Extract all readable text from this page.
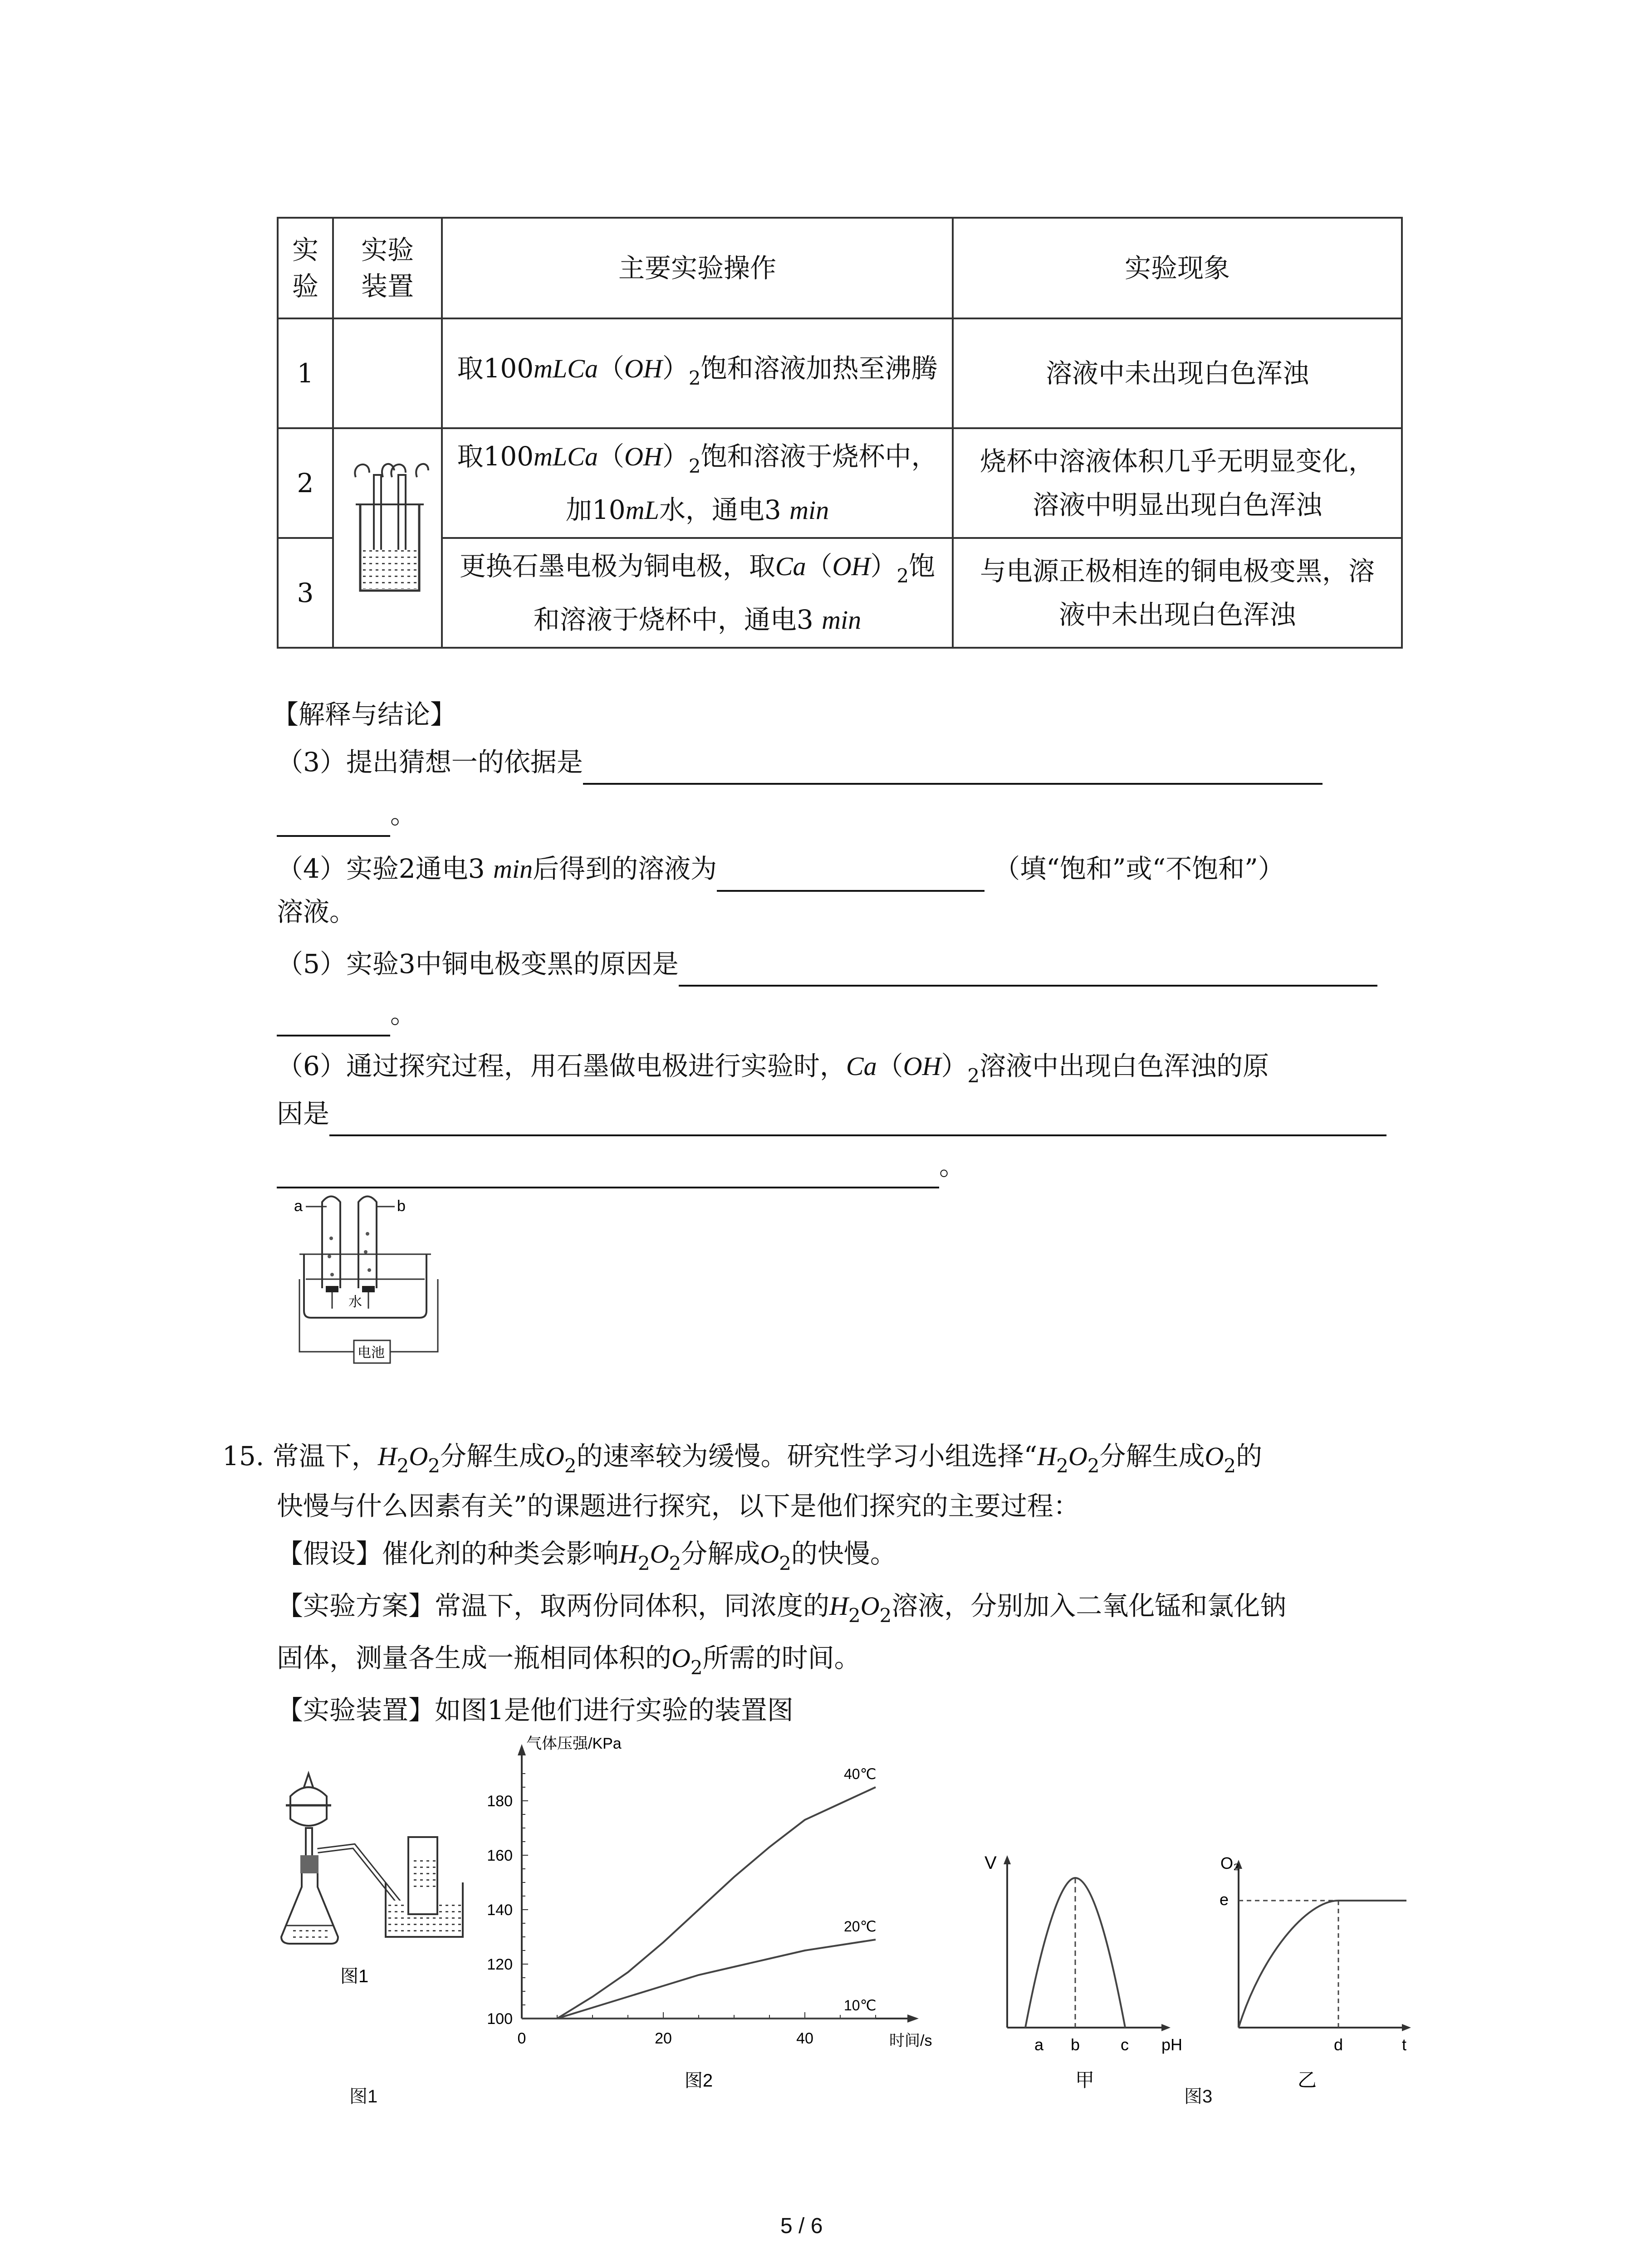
实验	实验装置	主要实验操作	实验现象
1		取$100mLCa(OH)_2$饱和溶液加热至沸腾	溶液中未出现白色浑浊
2		取$100mLCa(OH)_2$饱和溶液于烧杯中，加10mL水，通电3 min	烧杯中溶液体积几乎无明显变化，溶液中明显出现白色浑浊
3		更换石墨电极为铜电极，取$Ca(OH)_2$饱和溶液于烧杯中，通电3 min	与电源正极相连的铜电极变黑，溶液中未出现白色浑浊
【解释与结论】
（3）提出猜想一的依据是
。
（4）实验2通电3 min后得到的溶液为	（填“饱和”或“不饱和”）
溶液。
（5）实验3中铜电极变黑的原因是
。
（6）通过探究过程，用石墨做电极进行实验时，$Ca(OH)_2$溶液中出现白色浑浊的原
因是
。
a	b
水
电池
15. 常温下，$H_2O_2$分解生成$O_2$的速率较为缓慢。研究性学习小组选择“$H_2O_2$分解生成$O_2$的
快慢与什么因素有关”的课题进行探究，以下是他们探究的主要过程：
【假设】催化剂的种类会影响$H_2O_2$分解成$O_2$的快慢。
【实验方案】常温下，取两份同体积，同浓度的$H_2O_2$溶液，分别加入二氧化锰和氯化钠
固体，测量各生成一瓶相同体积的$O_2$所需的时间。
【实验装置】如图1是他们进行实验的装置图
图1
图1
100
120
140
160
180
0	20	40
气体压强/KPa
时间/s
40℃
20℃
10℃
图2
V
a b c pH
甲
O₂
e
d	t
乙
图3
5 / 6
